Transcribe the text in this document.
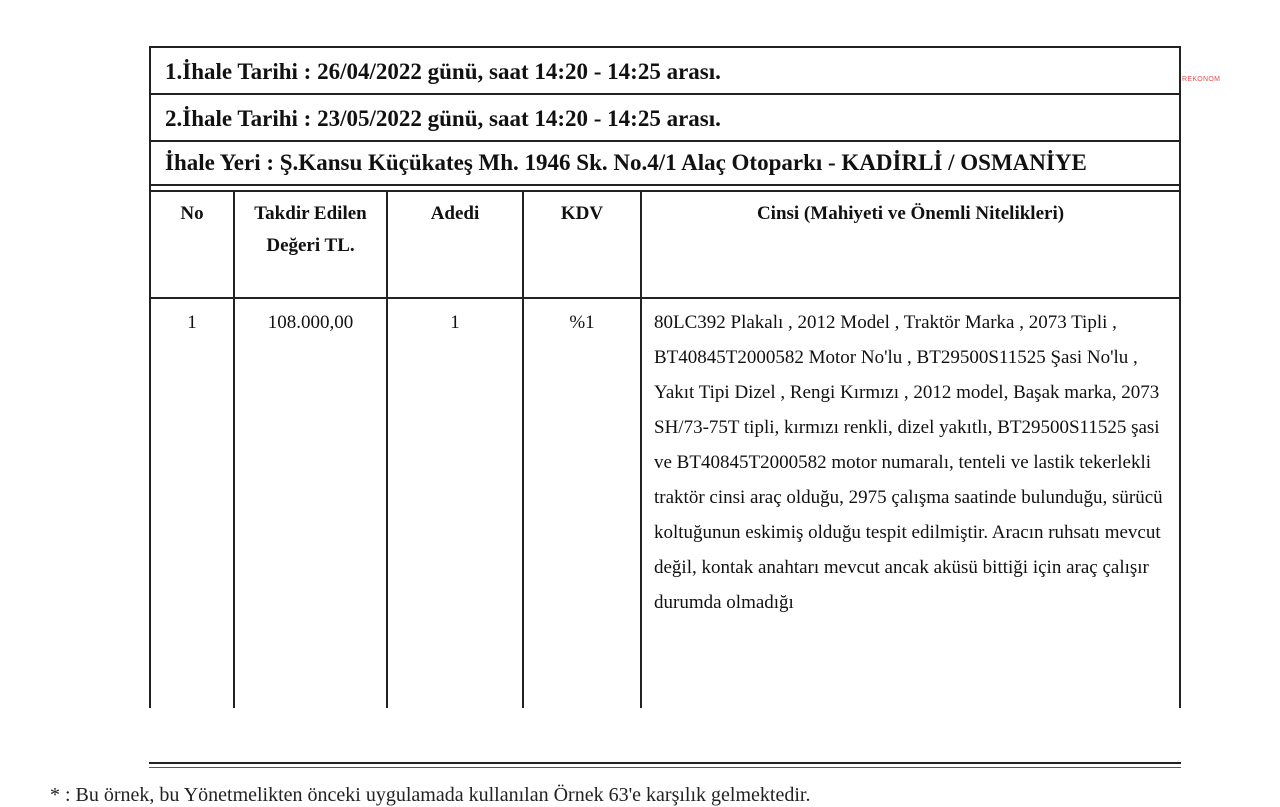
REKONOM
1.İhale Tarihi : 26/04/2022 günü, saat 14:20 - 14:25 arası.
2.İhale Tarihi : 23/05/2022 günü, saat 14:20 - 14:25 arası.
İhale Yeri : Ş.Kansu Küçükateş Mh. 1946 Sk. No.4/1 Alaç Otoparkı - KADİRLİ / OSMANİYE
No	Takdir Edilen Değeri TL.	Adedi	KDV	Cinsi (Mahiyeti ve Önemli Nitelikleri)
1	108.000,00	1	%1	80LC392 Plakalı , 2012 Model , Traktör Marka , 2073 Tipli , BT40845T2000582 Motor No'lu , BT29500S11525 Şasi No'lu , Yakıt Tipi Dizel , Rengi Kırmızı , 2012 model, Başak marka, 2073 SH/73-75T tipli, kırmızı renkli, dizel yakıtlı, BT29500S11525 şasi ve BT40845T2000582 motor numaralı, tenteli ve lastik tekerlekli traktör cinsi araç olduğu, 2975 çalışma saatinde bulunduğu, sürücü koltuğunun eskimiş olduğu tespit edilmiştir. Aracın ruhsatı mevcut değil, kontak anahtarı mevcut ancak aküsü bittiği için araç çalışır durumda olmadığı
* : Bu örnek, bu Yönetmelikten önceki uygulamada kullanılan Örnek 63'e karşılık gelmektedir.
